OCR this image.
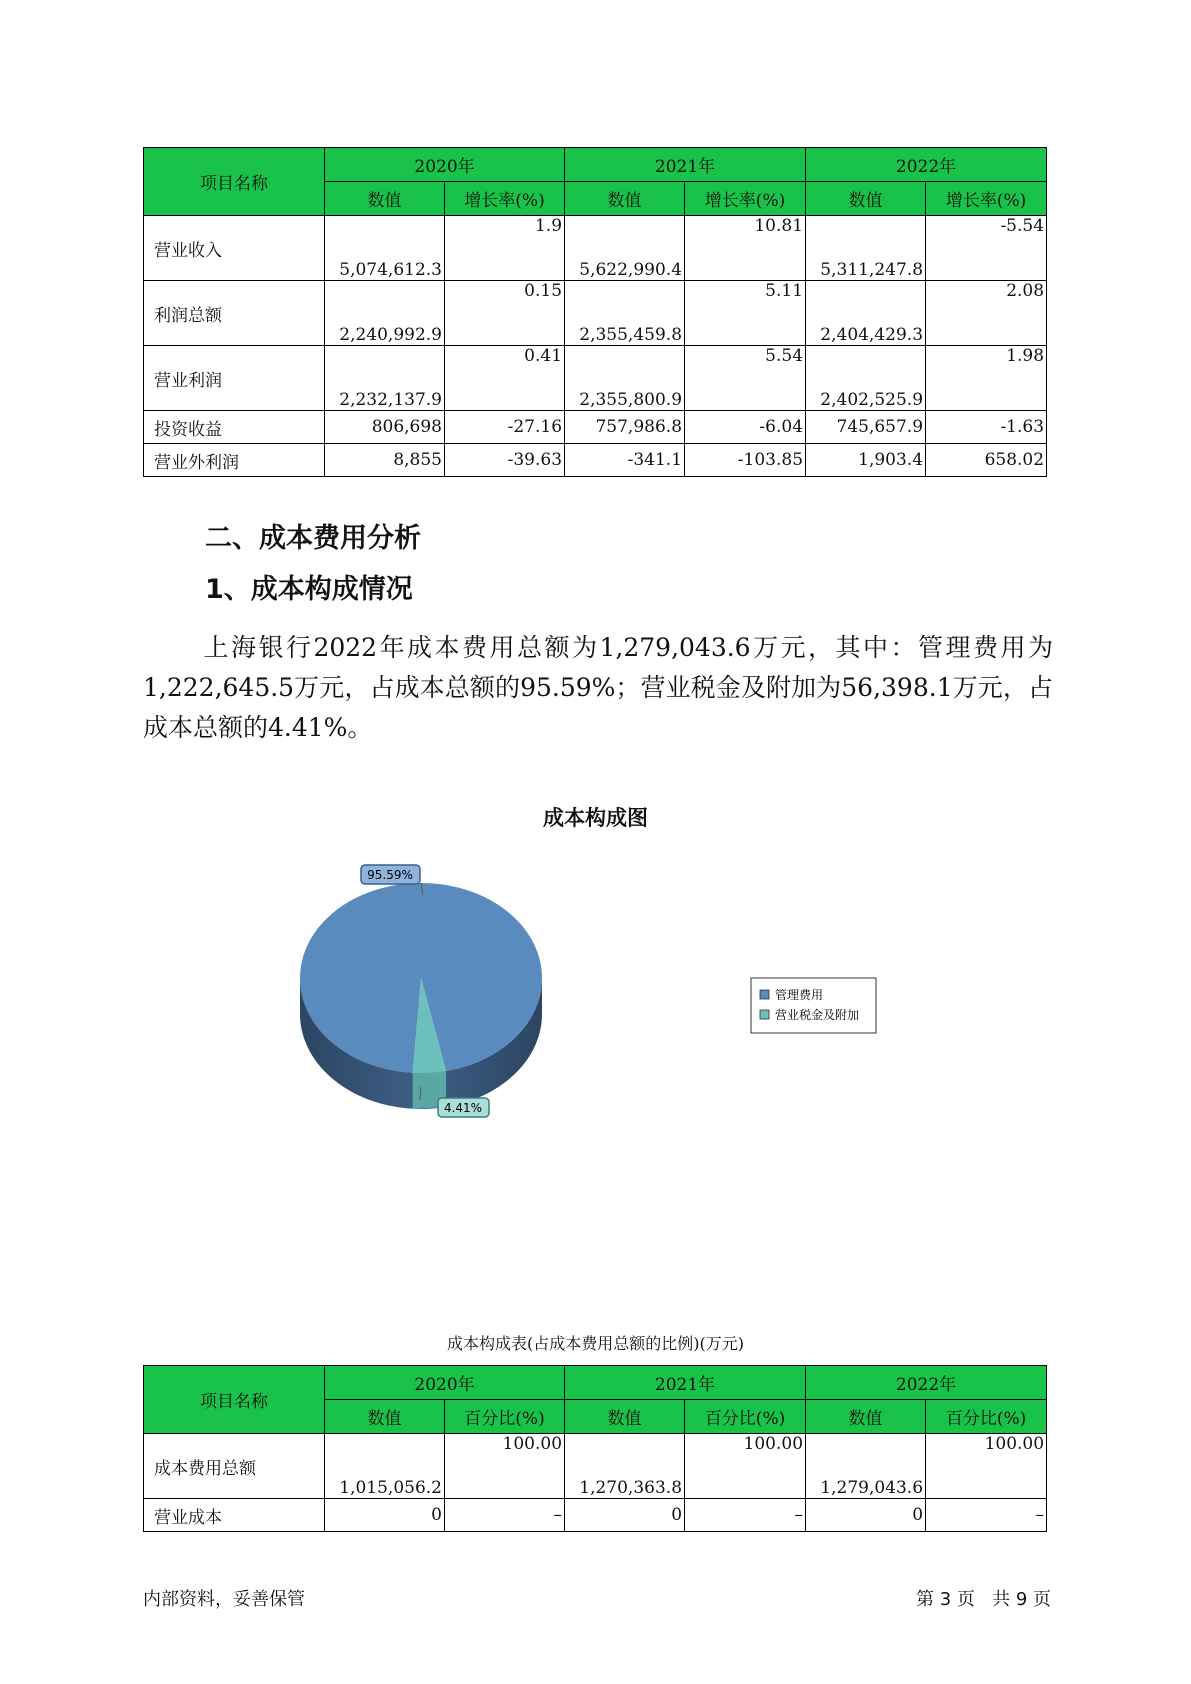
项目名称	2020年		2021年		2022年	
	数值	增长率(%)	数值	增长率(%)	数值	增长率(%)
营业收入	5,074,612.3	1.9	5,622,990.4	10.81	5,311,247.8	-5.54
利润总额	2,240,992.9	0.15	2,355,459.8	5.11	2,404,429.3	2.08
营业利润	2,232,137.9	0.41	2,355,800.9	5.54	2,402,525.9	1.98
投资收益	806,698	-27.16	757,986.8	-6.04	745,657.9	-1.63
营业外利润	8,855	-39.63	-341.1	-103.85	1,903.4	658.02
二、成本费用分析
1、成本构成情况

上海银行2022年成本费用总额为1,279,043.6万元，其中：管理费用为1,222,645.5万元，占成本总额的95.59%；营业税金及附加为56,398.1万元，占成本总额的4.41%。

成本构成图
管理费用
营业税金及附加
95.59%
4.41%
成本构成表(占成本费用总额的比例)(万元)
项目名称	2020年		2021年		2022年	
	数值	百分比(%)	数值	百分比(%)	数值	百分比(%)
成本费用总额	1,015,056.2	100.00	1,270,363.8	100.00	1,279,043.6	100.00
营业成本	0	–	0	–	0	–
内部资料，妥善保管	第 3 页   共 9 页
